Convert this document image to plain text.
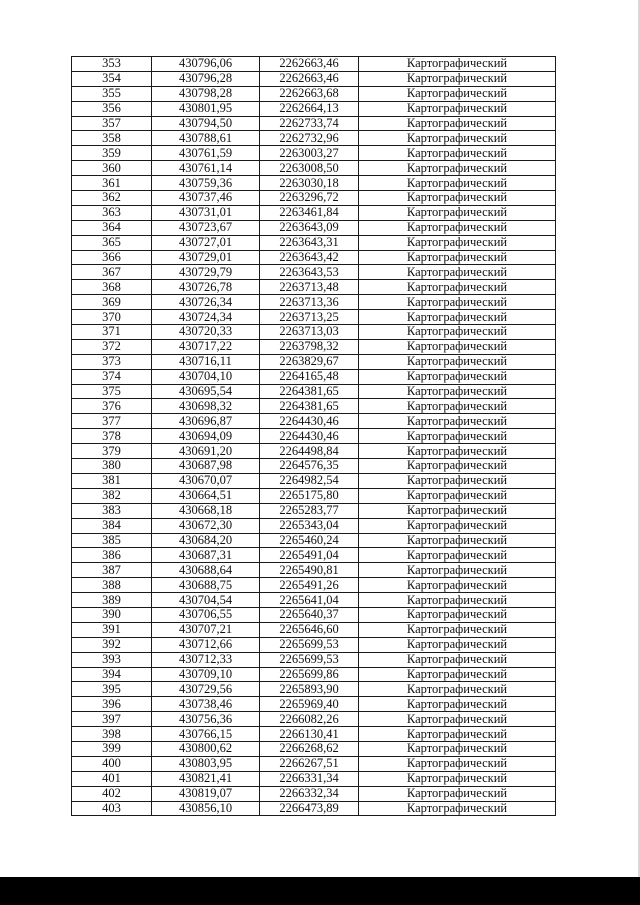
353	430796,06	2262663,46	Картографический
354	430796,28	2262663,46	Картографический
355	430798,28	2262663,68	Картографический
356	430801,95	2262664,13	Картографический
357	430794,50	2262733,74	Картографический
358	430788,61	2262732,96	Картографический
359	430761,59	2263003,27	Картографический
360	430761,14	2263008,50	Картографический
361	430759,36	2263030,18	Картографический
362	430737,46	2263296,72	Картографический
363	430731,01	2263461,84	Картографический
364	430723,67	2263643,09	Картографический
365	430727,01	2263643,31	Картографический
366	430729,01	2263643,42	Картографический
367	430729,79	2263643,53	Картографический
368	430726,78	2263713,48	Картографический
369	430726,34	2263713,36	Картографический
370	430724,34	2263713,25	Картографический
371	430720,33	2263713,03	Картографический
372	430717,22	2263798,32	Картографический
373	430716,11	2263829,67	Картографический
374	430704,10	2264165,48	Картографический
375	430695,54	2264381,65	Картографический
376	430698,32	2264381,65	Картографический
377	430696,87	2264430,46	Картографический
378	430694,09	2264430,46	Картографический
379	430691,20	2264498,84	Картографический
380	430687,98	2264576,35	Картографический
381	430670,07	2264982,54	Картографический
382	430664,51	2265175,80	Картографический
383	430668,18	2265283,77	Картографический
384	430672,30	2265343,04	Картографический
385	430684,20	2265460,24	Картографический
386	430687,31	2265491,04	Картографический
387	430688,64	2265490,81	Картографический
388	430688,75	2265491,26	Картографический
389	430704,54	2265641,04	Картографический
390	430706,55	2265640,37	Картографический
391	430707,21	2265646,60	Картографический
392	430712,66	2265699,53	Картографический
393	430712,33	2265699,53	Картографический
394	430709,10	2265699,86	Картографический
395	430729,56	2265893,90	Картографический
396	430738,46	2265969,40	Картографический
397	430756,36	2266082,26	Картографический
398	430766,15	2266130,41	Картографический
399	430800,62	2266268,62	Картографический
400	430803,95	2266267,51	Картографический
401	430821,41	2266331,34	Картографический
402	430819,07	2266332,34	Картографический
403	430856,10	2266473,89	Картографический
